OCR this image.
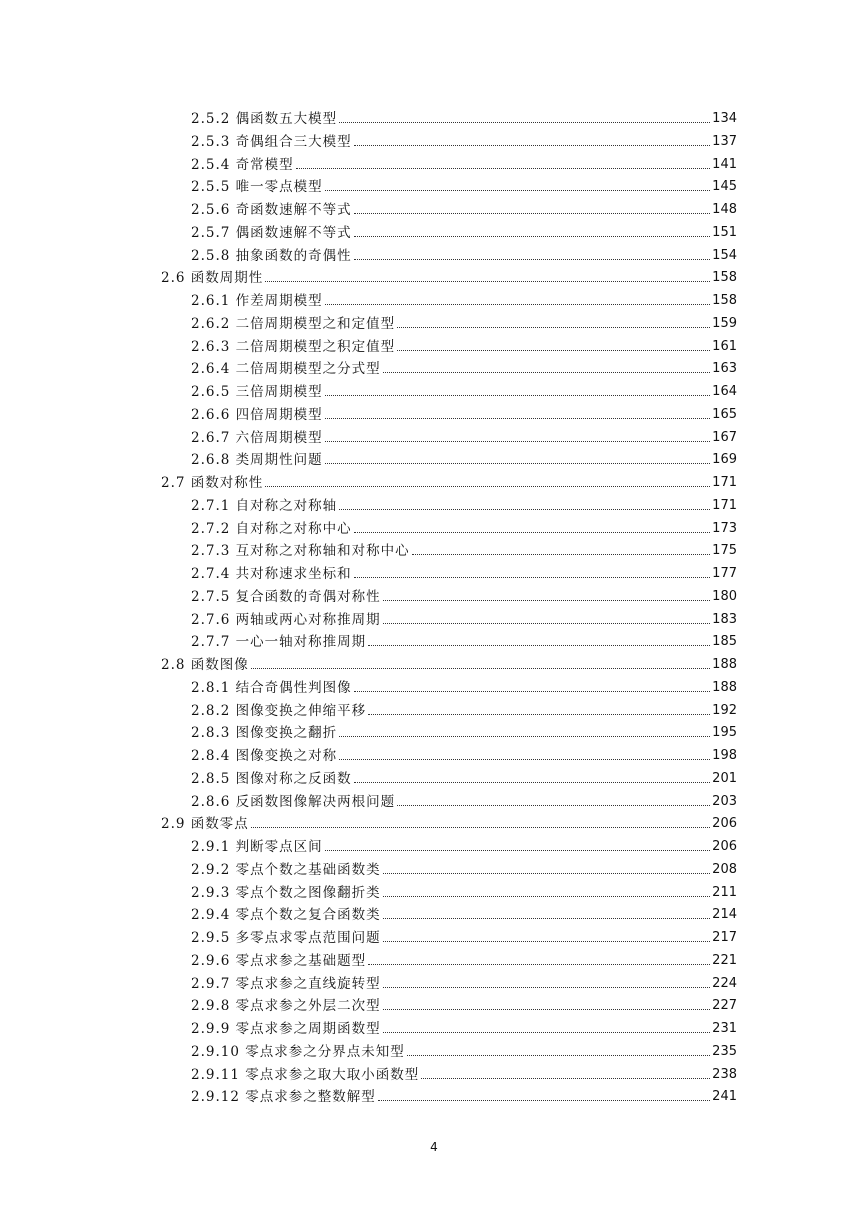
2.5.2 偶函数五大模型	134
2.5.3 奇偶组合三大模型	137
2.5.4 奇常模型	141
2.5.5 唯一零点模型	145
2.5.6 奇函数速解不等式	148
2.5.7 偶函数速解不等式	151
2.5.8 抽象函数的奇偶性	154
2.6 函数周期性	158
2.6.1 作差周期模型	158
2.6.2 二倍周期模型之和定值型	159
2.6.3 二倍周期模型之积定值型	161
2.6.4 二倍周期模型之分式型	163
2.6.5 三倍周期模型	164
2.6.6 四倍周期模型	165
2.6.7 六倍周期模型	167
2.6.8 类周期性问题	169
2.7 函数对称性	171
2.7.1 自对称之对称轴	171
2.7.2 自对称之对称中心	173
2.7.3 互对称之对称轴和对称中心	175
2.7.4 共对称速求坐标和	177
2.7.5 复合函数的奇偶对称性	180
2.7.6 两轴或两心对称推周期	183
2.7.7 一心一轴对称推周期	185
2.8 函数图像	188
2.8.1 结合奇偶性判图像	188
2.8.2 图像变换之伸缩平移	192
2.8.3 图像变换之翻折	195
2.8.4 图像变换之对称	198
2.8.5 图像对称之反函数	201
2.8.6 反函数图像解决两根问题	203
2.9 函数零点	206
2.9.1 判断零点区间	206
2.9.2 零点个数之基础函数类	208
2.9.3 零点个数之图像翻折类	211
2.9.4 零点个数之复合函数类	214
2.9.5 多零点求零点范围问题	217
2.9.6 零点求参之基础题型	221
2.9.7 零点求参之直线旋转型	224
2.9.8 零点求参之外层二次型	227
2.9.9 零点求参之周期函数型	231
2.9.10 零点求参之分界点未知型	235
2.9.11 零点求参之取大取小函数型	238
2.9.12 零点求参之整数解型	241
4
